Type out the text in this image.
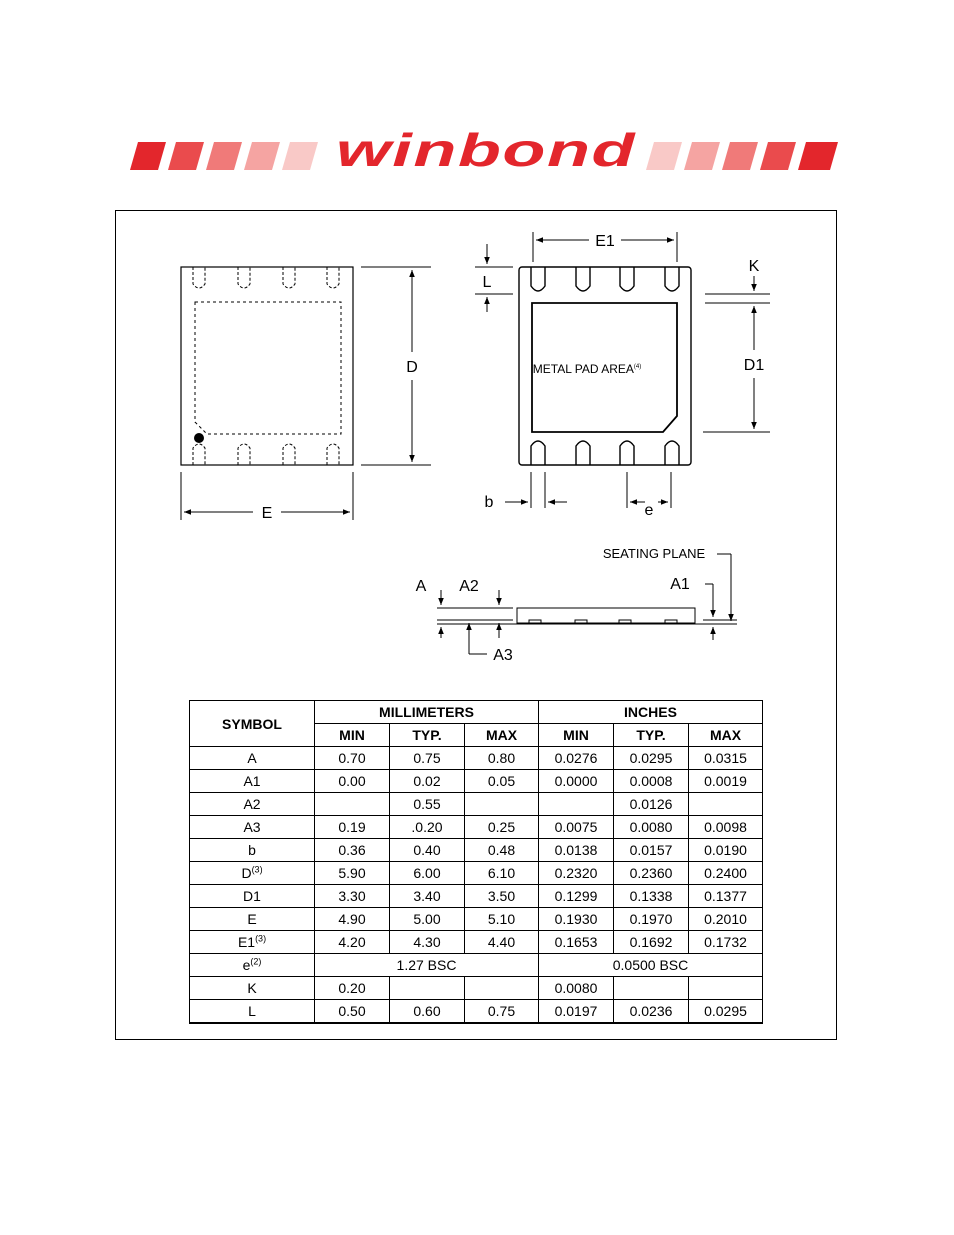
winbond
D
E
METAL PAD AREA$^{(4)}$
E1
L
K
D1
b	e
A A2
A3
A1
SEATING PLANE
SYMBOL	MILLIMETERS			INCHES		
	MIN	TYP.	MAX	MIN	TYP.	MAX
A	0.70	0.75	0.80	0.0276	0.0295	0.0315
A1	0.00	0.02	0.05	0.0000	0.0008	0.0019
A2		0.55			0.0126	
A3	0.19	.0.20	0.25	0.0075	0.0080	0.0098
b	0.36	0.40	0.48	0.0138	0.0157	0.0190
$D^{(3)}$	5.90	6.00	6.10	0.2320	0.2360	0.2400
D1	3.30	3.40	3.50	0.1299	0.1338	0.1377
E	4.90	5.00	5.10	0.1930	0.1970	0.2010
E1$^{(3)}$	4.20	4.30	4.40	0.1653	0.1692	0.1732
$e^{(2)}$	1.27 BSC			0.0500 BSC		
K	0.20			0.0080		
L	0.50	0.60	0.75	0.0197	0.0236	0.0295
